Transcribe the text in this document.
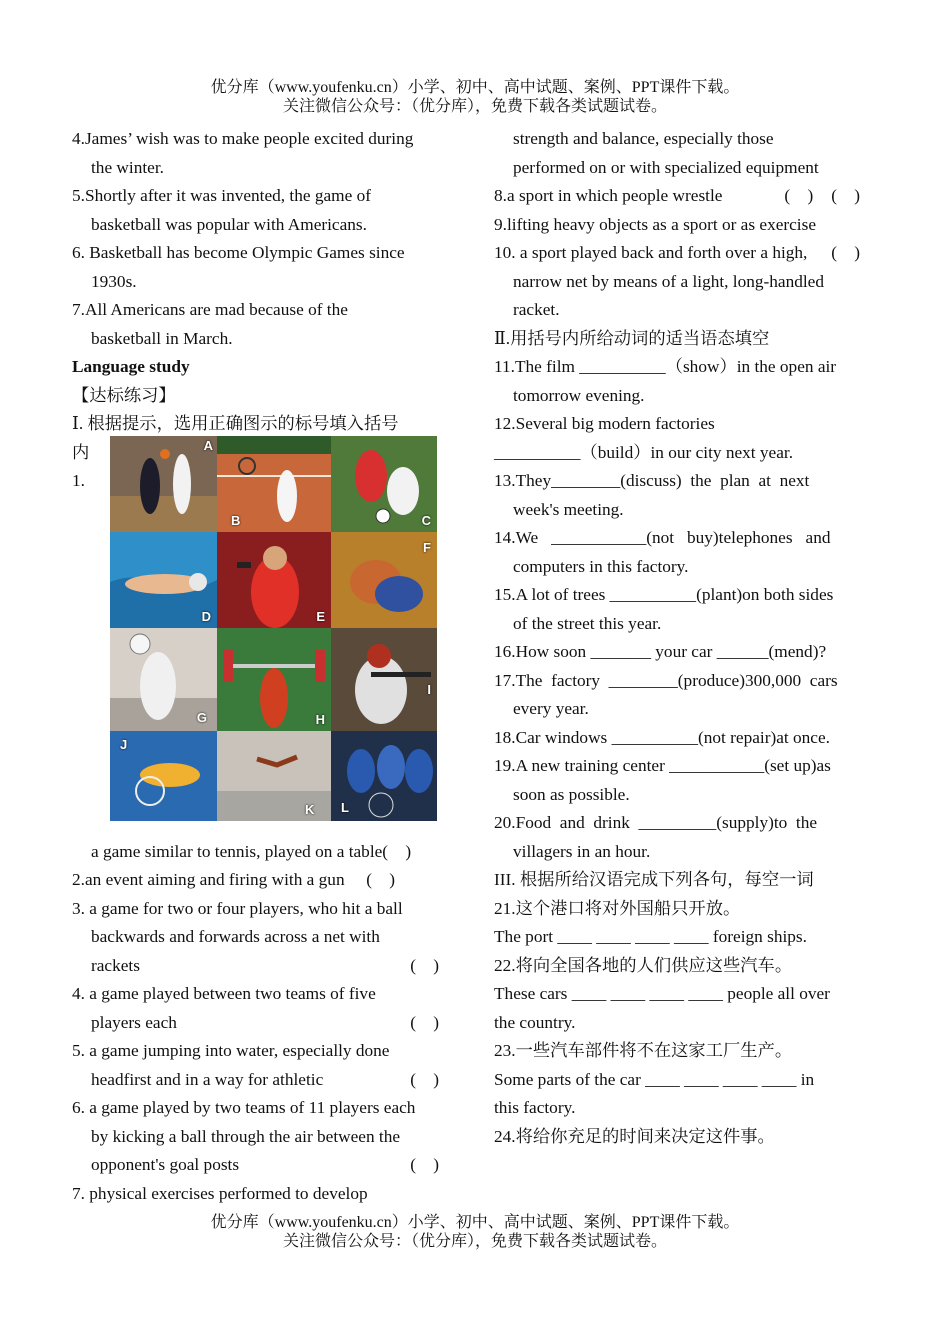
优分库（www.youfenku.cn）小学、初中、高中试题、案例、PPT课件下载。
关注微信公众号：（优分库），免费下载各类试题试卷。
4.James’ wish was to make people excited during
the winter.
5.Shortly after it was invented, the game of
basketball was popular with Americans.
6. Basketball has become Olympic Games since
1930s.
7.All Americans are mad because of the
basketball in March.
Language study
【达标练习】
Ⅰ. 根据提示，选用正确图示的标号填入括号
内
1.
a game similar to tennis, played on a table(    )
2.an event aiming and firing with a gun     (    )
3. a game for two or four players, who hit a ball
backwards and forwards across a net with
rackets	(    )
4. a game played between two teams of five
players each	(    )
5. a game jumping into water, especially done
headfirst and in a way for athletic	(    )
6. a game played by two teams of 11 players each
by kicking a ball through the air between the
opponent's goal posts	(    )
7. physical exercises performed to develop
A
B	C
D	E
F
G	H
I
J
K L
strength and balance, especially those
performed on or with specialized equipment
(    )
8.a sport in which people wrestle	(    )
9.lifting heavy objects as a sport or as exercise
(    )
10. a sport played back and forth over a high,
narrow net by means of a light, long-handled
racket.
Ⅱ.用括号内所给动词的适当语态填空
11.The film __________（show）in the open air
tomorrow evening.
12.Several big modern factories
__________（build）in our city next year.
13.They________(discuss)  the  plan  at  next
week's meeting.
14.We   ___________(not   buy)telephones   and
computers in this factory.
15.A lot of trees __________(plant)on both sides
of the street this year.
16.How soon _______ your car ______(mend)?
17.The  factory  ________(produce)300,000  cars
every year.
18.Car windows __________(not repair)at once.
19.A new training center ___________(set up)as
soon as possible.
20.Food  and  drink  _________(supply)to  the
villagers in an hour.
III. 根据所给汉语完成下列各句，每空一词
21.这个港口将对外国船只开放。
The port ____ ____ ____ ____ foreign ships.
22.将向全国各地的人们供应这些汽车。
These cars ____ ____ ____ ____ people all over
the country.
23.一些汽车部件将不在这家工厂生产。
Some parts of the car ____ ____ ____ ____ in
this factory.
24.将给你充足的时间来决定这件事。
优分库（www.youfenku.cn）小学、初中、高中试题、案例、PPT课件下载。
关注微信公众号：（优分库），免费下载各类试题试卷。
